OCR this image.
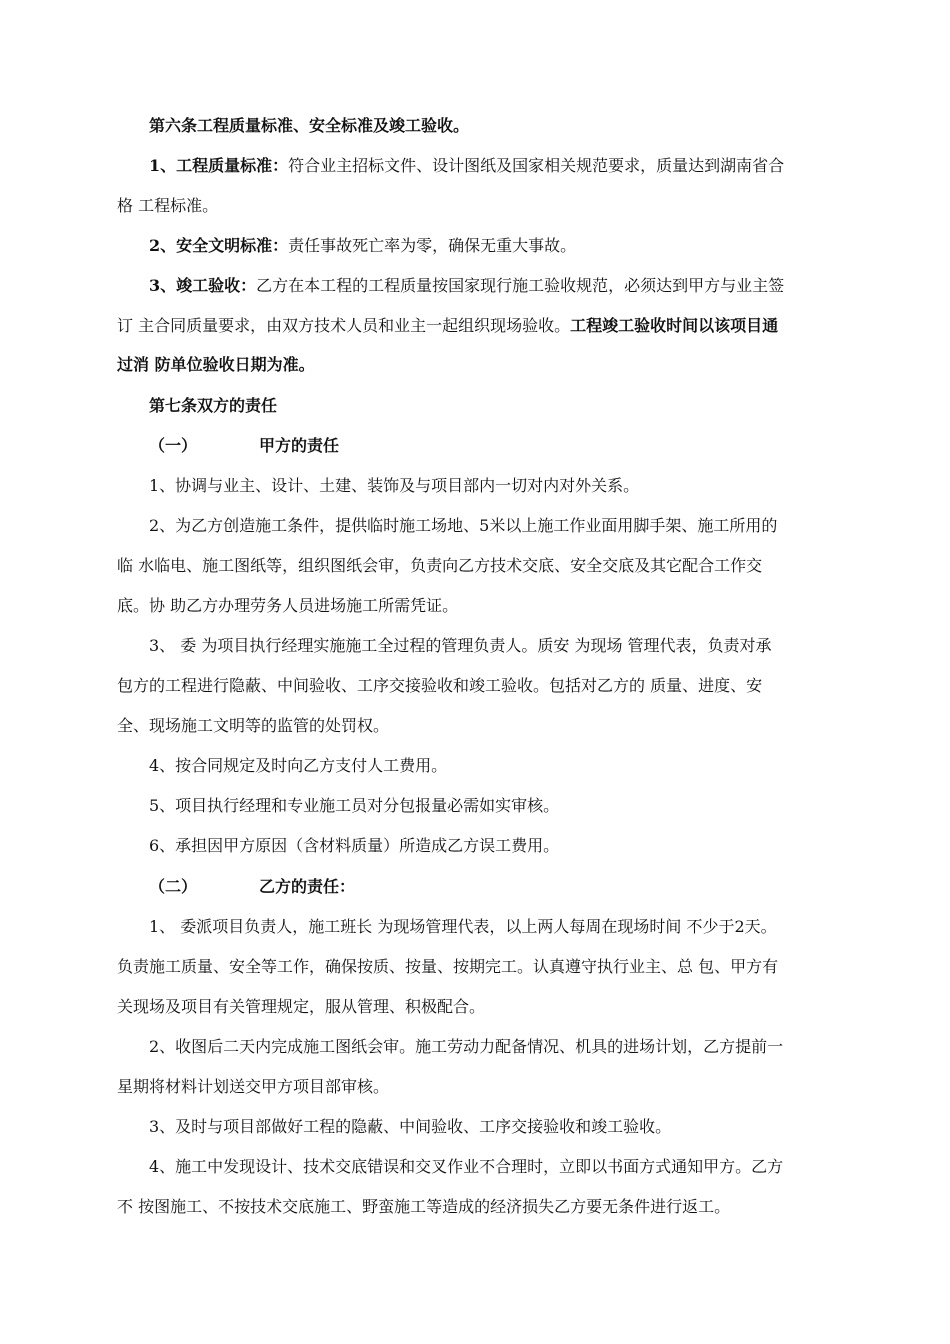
第六条工程质量标准、安全标准及竣工验收。
1、工程质量标准：符合业主招标文件、设计图纸及国家相关规范要求，质量达到湖南省合
格 工程标准。
2、安全文明标准：责任事故死亡率为零，确保无重大事故。
3、竣工验收：乙方在本工程的工程质量按国家现行施工验收规范，必须达到甲方与业主签
订 主合同质量要求，由双方技术人员和业主一起组织现场验收。工程竣工验收时间以该项目通
过消 防单位验收日期为准。
第七条双方的责任
（一）	甲方的责任
1、协调与业主、设计、土建、装饰及与项目部内一切对内对外关系。
2、为乙方创造施工条件，提供临时施工场地、5米以上施工作业面用脚手架、施工所用的
临 水临电、施工图纸等，组织图纸会审，负责向乙方技术交底、安全交底及其它配合工作交
底。协 助乙方办理劳务人员进场施工所需凭证。
3、 委 为项目执行经理实施施工全过程的管理负责人。质安 为现场 管理代表，负责对承
包方的工程进行隐蔽、中间验收、工序交接验收和竣工验收。包括对乙方的 质量、进度、安
全、现场施工文明等的监管的处罚权。
4、按合同规定及时向乙方支付人工费用。
5、项目执行经理和专业施工员对分包报量必需如实审核。
6、承担因甲方原因（含材料质量）所造成乙方误工费用。
（二）	乙方的责任：
1、 委派项目负责人，施工班长 为现场管理代表，以上两人每周在现场时间 不少于2天。
负责施工质量、安全等工作，确保按质、按量、按期完工。认真遵守执行业主、总 包、甲方有
关现场及项目有关管理规定，服从管理、积极配合。
2、收图后二天内完成施工图纸会审。施工劳动力配备情况、机具的进场计划，乙方提前一
星期将材料计划送交甲方项目部审核。
3、及时与项目部做好工程的隐蔽、中间验收、工序交接验收和竣工验收。
4、施工中发现设计、技术交底错误和交叉作业不合理时，立即以书面方式通知甲方。乙方
不 按图施工、不按技术交底施工、野蛮施工等造成的经济损失乙方要无条件进行返工。
